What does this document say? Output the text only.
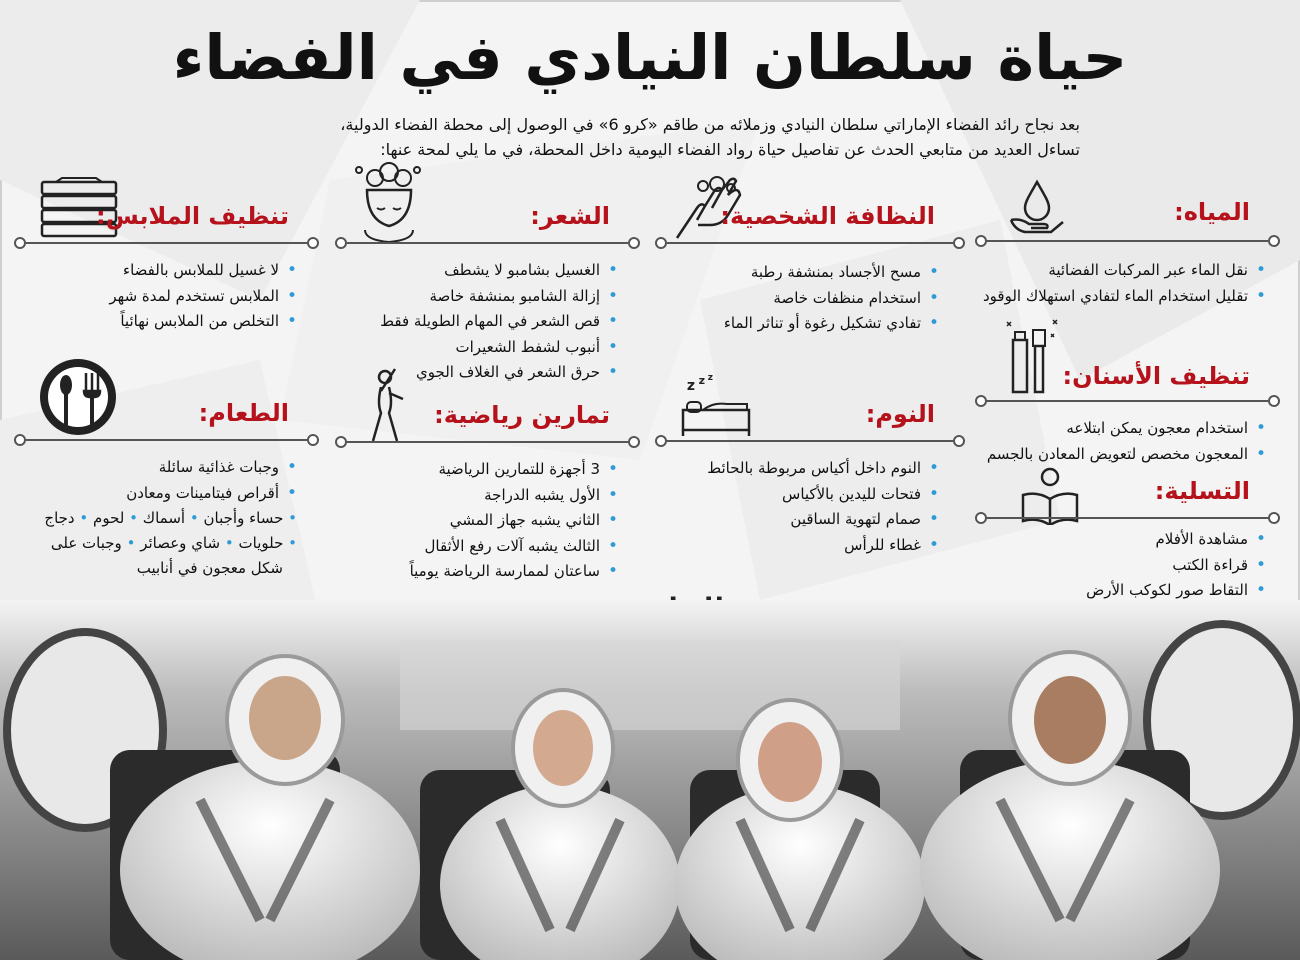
حياة سلطان النيادي في الفضاء
بعد نجاح رائد الفضاء الإماراتي سلطان النيادي وزملائه من طاقم «كرو 6» في الوصول إلى محطة الفضاء الدولية،
تساءل العديد من متابعي الحدث عن تفاصيل حياة رواد الفضاء اليومية داخل المحطة، في ما يلي لمحة عنها:
المياه:
• نقل الماء عبر المركبات الفضائية
• تقليل استخدام الماء لتفادي استهلاك الوقود
النظافة الشخصية:
• مسح الأجساد بمنشفة رطبة
• استخدام منظفات خاصة
• تفادي تشكيل رغوة أو تناثر الماء
الشعر:
• الغسيل بشامبو لا يشطف
• إزالة الشامبو بمنشفة خاصة
• قص الشعر في المهام الطويلة فقط
• أنبوب لشفط الشعيرات
• حرق الشعر في الغلاف الجوي
تنظيف الملابس:
• لا غسيل للملابس بالفضاء
• الملابس تستخدم لمدة شهر
• التخلص من الملابس نهائياً
تنظيف الأسنان:
• استخدام معجون يمكن ابتلاعه
• المعجون مخصص لتعويض المعادن بالجسم
z z z
النوم:
• النوم داخل أكياس مربوطة بالحائط
• فتحات لليدين بالأكياس
• صمام لتهوية الساقين
• غطاء للرأس
تمارين رياضية:
• 3 أجهزة للتمارين الرياضية
• الأول يشبه الدراجة
• الثاني يشبه جهاز المشي
• الثالث يشبه آلات رفع الأثقال
• ساعتان لممارسة الرياضة يومياً
الطعام:
• وجبات غذائية سائلة
• أقراص فيتامينات ومعادن
• حساء وأجبان • أسماك • لحوم • دجاج
• حلويات • شاي وعصائر • وجبات على
شكل معجون في أنابيب
التسلية:
• مشاهدة الأفلام
• قراءة الكتب
• التقاط صور لكوكب الأرض
•
